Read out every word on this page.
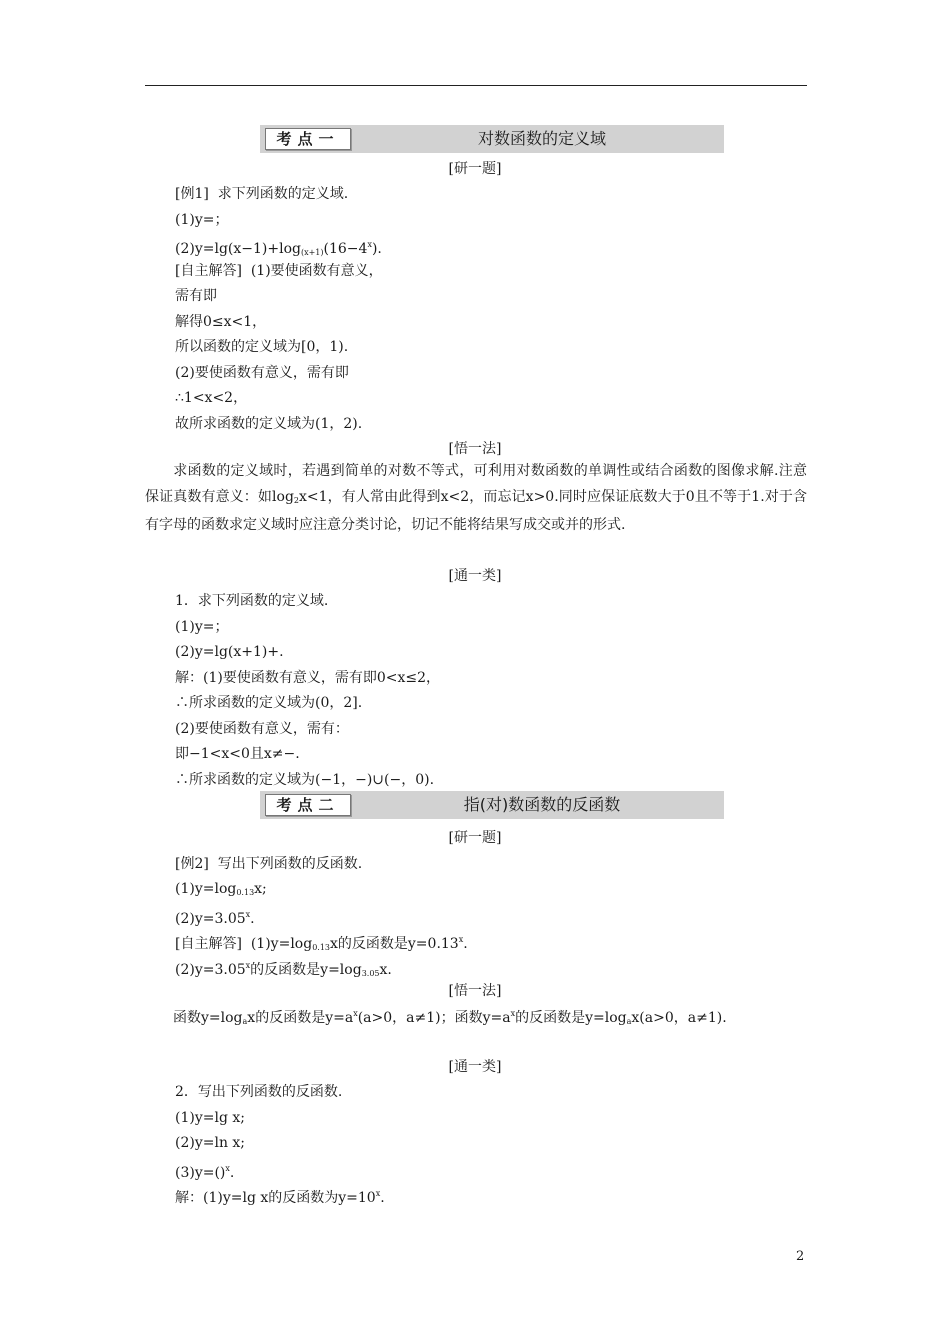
考点一	对数函数的定义域
[研一题]
[例1] 求下列函数的定义域.
(1)y=；
$(2)y=\lg(x-1)+\log_{(x+1)}(16-4^x)$.
[自主解答] (1)要使函数有意义，
需有即
解得0≤x<1，
所以函数的定义域为[0，1).
(2)要使函数有意义，需有即
∴1<x<2，
故所求函数的定义域为(1，2).
[悟一法]
求函数的定义域时，若遇到简单的对数不等式，可利用对数函数的单调性或结合函数的图像求解.注意保证真数有意义：如$\log_2x<1$，有人常由此得到x<2，而忘记x>0.同时应保证底数大于0且不等于1.对于含有字母的函数求定义域时应注意分类讨论，切记不能将结果写成交或并的形式.
[通一类]
1．求下列函数的定义域.
(1)y=；
(2)y=lg(x+1)+.
解：(1)要使函数有意义，需有即0<x≤2，
∴所求函数的定义域为(0，2].
(2)要使函数有意义，需有：
即−1<x<0且x≠−.
∴所求函数的定义域为(−1，−)∪(−，0).
考点二	指(对)数函数的反函数
[研一题]
[例2] 写出下列函数的反函数.
$(1)y=\log_{0.13}x$;
$(2)y=3.05^x$.
[自主解答] $(1)y=\log_{0.13}x$的反函数是$y=0.13^x$.
$(2)y=3.05^x$的反函数是$y=\log_{3.05}x$.
[悟一法]
函数$y=\log_ax$的反函数是$y=a^x(a>0$，a≠1)；函数$y=a^x$的反函数是$y=\log_ax(a>0$，a≠1).
[通一类]
2．写出下列函数的反函数.
(1)y=lg x;
(2)y=ln x;
(3)y=()$^x$.
解：(1)y=lg x的反函数为$y=10^x$.
2
